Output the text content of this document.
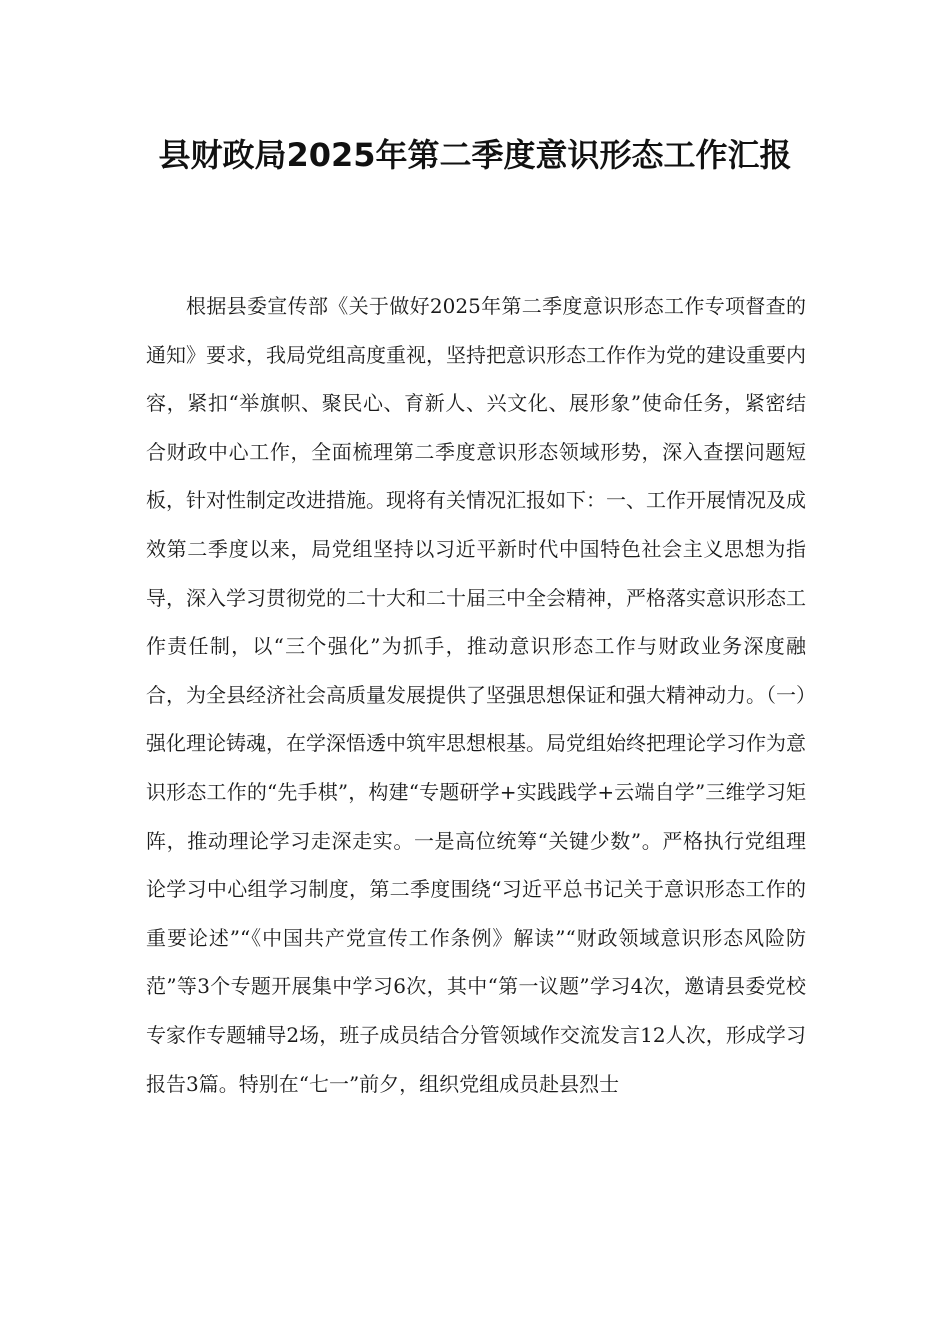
县财政局2025年第二季度意识形态工作汇报

根据县委宣传部《关于做好2025年第二季度意识形态工作专项督查的通知》要求，我局党组高度重视，坚持把意识形态工作作为党的建设重要内容，紧扣“举旗帜、聚民心、育新人、兴文化、展形象”使命任务，紧密结合财政中心工作，全面梳理第二季度意识形态领域形势，深入查摆问题短板，针对性制定改进措施。现将有关情况汇报如下：一、工作开展情况及成效第二季度以来，局党组坚持以习近平新时代中国特色社会主义思想为指导，深入学习贯彻党的二十大和二十届三中全会精神，严格落实意识形态工作责任制，以“三个强化”为抓手，推动意识形态工作与财政业务深度融合，为全县经济社会高质量发展提供了坚强思想保证和强大精神动力。（一）强化理论铸魂，在学深悟透中筑牢思想根基。局党组始终把理论学习作为意识形态工作的“先手棋”，构建“专题研学+实践践学+云端自学”三维学习矩阵，推动理论学习走深走实。一是高位统筹“关键少数”。严格执行党组理论学习中心组学习制度，第二季度围绕“习近平总书记关于意识形态工作的重要论述”“《中国共产党宣传工作条例》解读”“财政领域意识形态风险防范”等3个专题开展集中学习6次，其中“第一议题”学习4次，邀请县委党校专家作专题辅导2场，班子成员结合分管领域作交流发言12人次，形成学习报告3篇。特别在“七一”前夕，组织党组成员赴县烈士
